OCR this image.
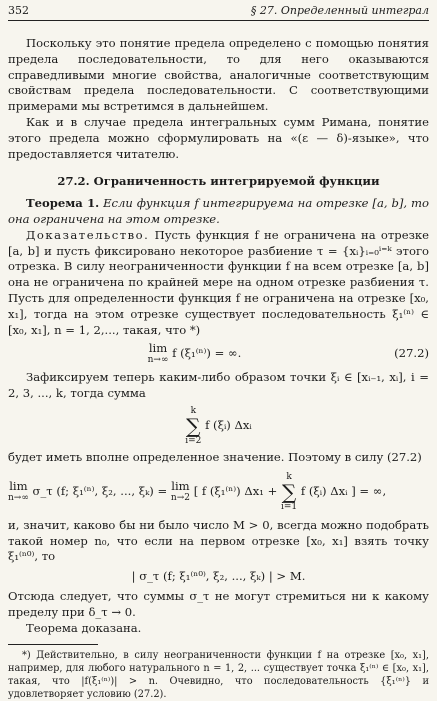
352	§ 27. Определенный интеграл

Поскольку это понятие предела определено с помощью понятия предела последовательности, то для него оказываются справедливыми многие свойства, аналогичные соответствующим свойствам предела последовательности. С соответствующими примерами мы встретимся в дальнейшем.

Как и в случае предела интегральных сумм Римана, понятие этого предела можно сформулировать на «(ε — δ)-языке», что предоставляется читателю.

27.2. Ограниченность интегрируемой функции

Теорема 1. Если функция f интегрируема на отрезке [a, b], то она ограничена на этом отрезке.

Доказательство. Пусть функция f не ограничена на отрезке [a, b] и пусть фиксировано некоторое разбиение τ = {xᵢ}ᵢ₌₀ⁱ⁼ᵏ этого отрезка. В силу неограниченности функции f на всем отрезке [a, b] она не ограничена по крайней мере на одном отрезке разбиения τ. Пусть для определенности функция f не ограничена на отрезке [x₀, x₁], тогда на этом отрезке существует последовательность ξ₁⁽ⁿ⁾ ∈ [x₀, x₁], n = 1, 2,..., такая, что *)

lim
n→∞ f (ξ₁⁽ⁿ⁾) = ∞.	(27.2)

Зафиксируем теперь каким-либо образом точки ξᵢ ∈ [xᵢ₋₁, xᵢ], i = 2, 3, ..., k, тогда сумма

k
∑
i=2
f (ξᵢ) Δxᵢ

будет иметь вполне определенное значение. Поэтому в силу (27.2)

lim
n→∞ σ_τ (f; ξ₁⁽ⁿ⁾, ξ₂, ..., ξₖ) = lim
n→2 [ f (ξ₁⁽ⁿ⁾) Δx₁ +
k
∑
i=1
f (ξᵢ) Δxᵢ ] = ∞,

и, значит, каково бы ни было число M > 0, всегда можно подобрать такой номер n₀, что если на первом отрезке [x₀, x₁] взять точку ξ₁⁽ⁿ⁰⁾, то

| σ_τ (f; ξ₁⁽ⁿ⁰⁾, ξ₂, ..., ξₖ) | > M.

Отсюда следует, что суммы σ_τ не могут стремиться ни к какому пределу при δ_τ → 0.

Теорема доказана.

*) Действительно, в силу неограниченности функции f на отрезке [x₀, x₁], например, для любого натурального n = 1, 2, ... существует точка ξ₁⁽ⁿ⁾ ∈ [x₀, x₁], такая, что |f(ξ₁⁽ⁿ⁾)| > n. Очевидно, что последовательность {ξ₁⁽ⁿ⁾} и удовлетворяет условию (27.2).
